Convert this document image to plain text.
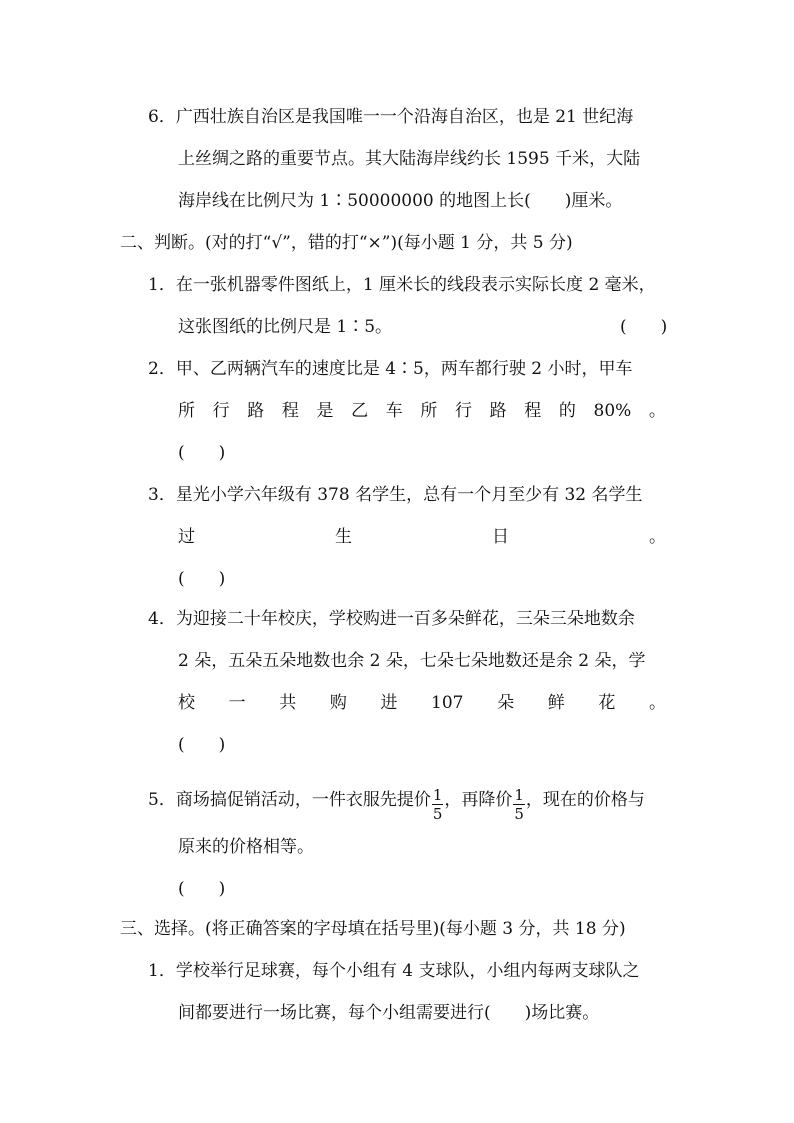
6．广西壮族自治区是我国唯一一个沿海自治区，也是 21 世纪海
上丝绸之路的重要节点。其大陆海岸线约长 1595 千米，大陆
海岸线在比例尺为 1∶50000000 的地图上长(　　)厘米。
二、判断。(对的打“√”，错的打“×”)(每小题 1 分，共 5 分)
1．在一张机器零件图纸上，1 厘米长的线段表示实际长度 2 毫米，
这张图纸的比例尺是 1∶5。	(　　)
2．甲、乙两辆汽车的速度比是 4∶5，两车都行驶 2 小时，甲车
所 行 路 程 是 乙 车 所 行 路 程 的 80% 。
(　　)
3．星光小学六年级有 378 名学生，总有一个月至少有 32 名学生
过	生	日	。
(　　)
4．为迎接二十年校庆，学校购进一百多朵鲜花，三朵三朵地数余
2 朵，五朵五朵地数也余 2 朵，七朵七朵地数还是余 2 朵，学
校 一 共 购 进 107 朵 鲜 花 。
(　　)
5．商场搞促销活动，一件衣服先提价 $\frac{1}{5}$ ，再降价 $\frac{1}{5}$ ，现在的价格与
原来的价格相等。
(　　)
三、选择。(将正确答案的字母填在括号里)(每小题 3 分，共 18 分)
1．学校举行足球赛，每个小组有 4 支球队，小组内每两支球队之
间都要进行一场比赛，每个小组需要进行(　　)场比赛。
